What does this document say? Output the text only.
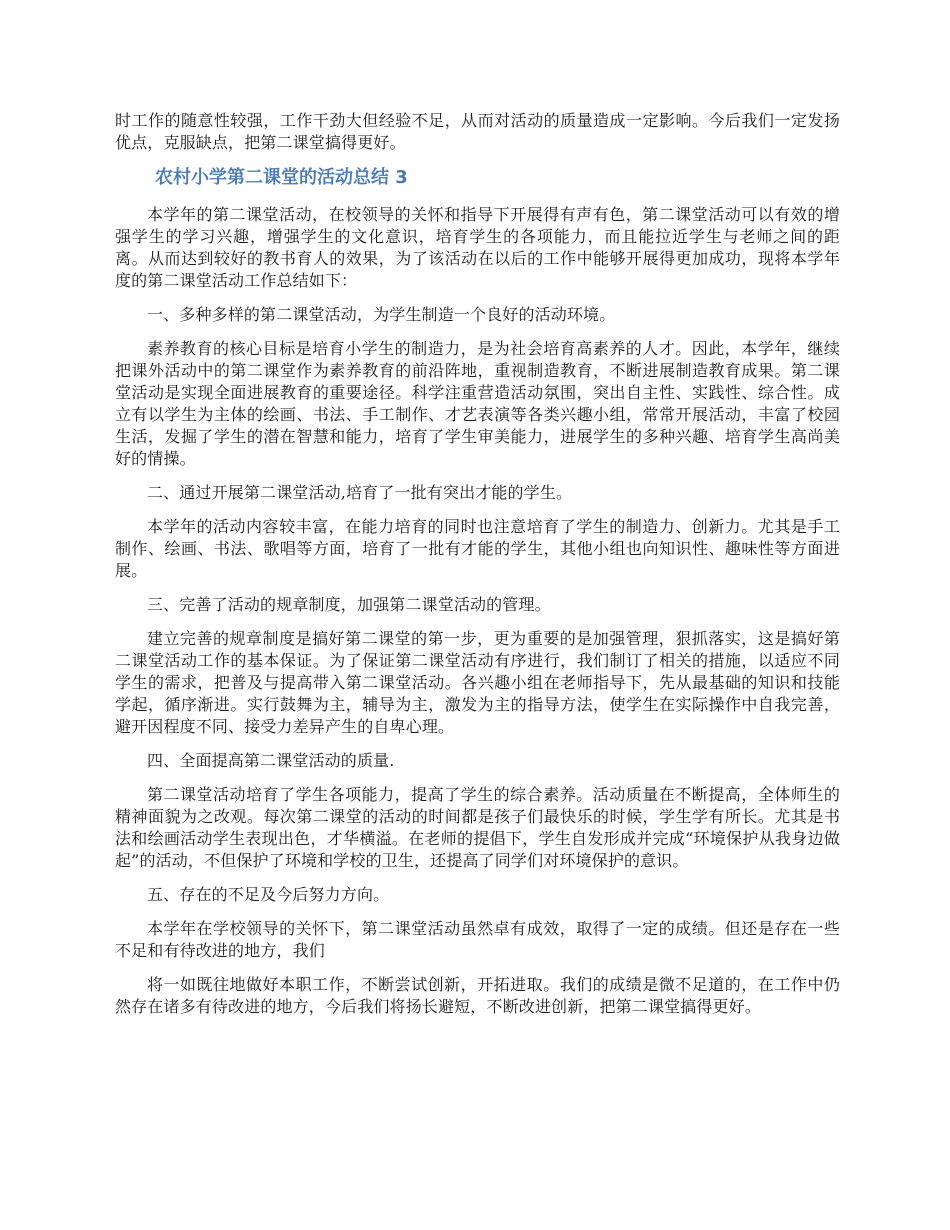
时工作的随意性较强，工作干劲大但经验不足，从而对活动的质量造成一定影响。今后我们一定发扬优点，克服缺点，把第二课堂搞得更好。

农村小学第二课堂的活动总结 3

本学年的第二课堂活动，在校领导的关怀和指导下开展得有声有色，第二课堂活动可以有效的增强学生的学习兴趣，增强学生的文化意识，培育学生的各项能力，而且能拉近学生与老师之间的距离。从而达到较好的教书育人的效果，为了该活动在以后的工作中能够开展得更加成功，现将本学年度的第二课堂活动工作总结如下：

一、多种多样的第二课堂活动，为学生制造一个良好的活动环境。

素养教育的核心目标是培育小学生的制造力，是为社会培育高素养的人才。因此，本学年，继续把课外活动中的第二课堂作为素养教育的前沿阵地，重视制造教育，不断进展制造教育成果。第二课堂活动是实现全面进展教育的重要途径。科学注重营造活动氛围，突出自主性、实践性、综合性。成立有以学生为主体的绘画、书法、手工制作、才艺表演等各类兴趣小组，常常开展活动，丰富了校园生活，发掘了学生的潜在智慧和能力，培育了学生审美能力，进展学生的多种兴趣、培育学生高尚美好的情操。

二、通过开展第二课堂活动,培育了一批有突出才能的学生。

本学年的活动内容较丰富，在能力培育的同时也注意培育了学生的制造力、创新力。尤其是手工制作、绘画、书法、歌唱等方面，培育了一批有才能的学生，其他小组也向知识性、趣味性等方面进展。

三、完善了活动的规章制度，加强第二课堂活动的管理。

建立完善的规章制度是搞好第二课堂的第一步，更为重要的是加强管理，狠抓落实，这是搞好第二课堂活动工作的基本保证。为了保证第二课堂活动有序进行，我们制订了相关的措施，以适应不同学生的需求，把普及与提高带入第二课堂活动。各兴趣小组在老师指导下，先从最基础的知识和技能学起，循序渐进。实行鼓舞为主，辅导为主，激发为主的指导方法，使学生在实际操作中自我完善，避开因程度不同、接受力差异产生的自卑心理。

四、全面提高第二课堂活动的质量.

第二课堂活动培育了学生各项能力，提高了学生的综合素养。活动质量在不断提高，全体师生的精神面貌为之改观。每次第二课堂的活动的时间都是孩子们最快乐的时候，学生学有所长。尤其是书法和绘画活动学生表现出色，才华横溢。在老师的提倡下，学生自发形成并完成“环境保护从我身边做起”的活动，不但保护了环境和学校的卫生，还提高了同学们对环境保护的意识。

五、存在的不足及今后努力方向。

本学年在学校领导的关怀下，第二课堂活动虽然卓有成效，取得了一定的成绩。但还是存在一些不足和有待改进的地方，我们

将一如既往地做好本职工作，不断尝试创新，开拓进取。我们的成绩是微不足道的，在工作中仍然存在诸多有待改进的地方，今后我们将扬长避短，不断改进创新，把第二课堂搞得更好。
